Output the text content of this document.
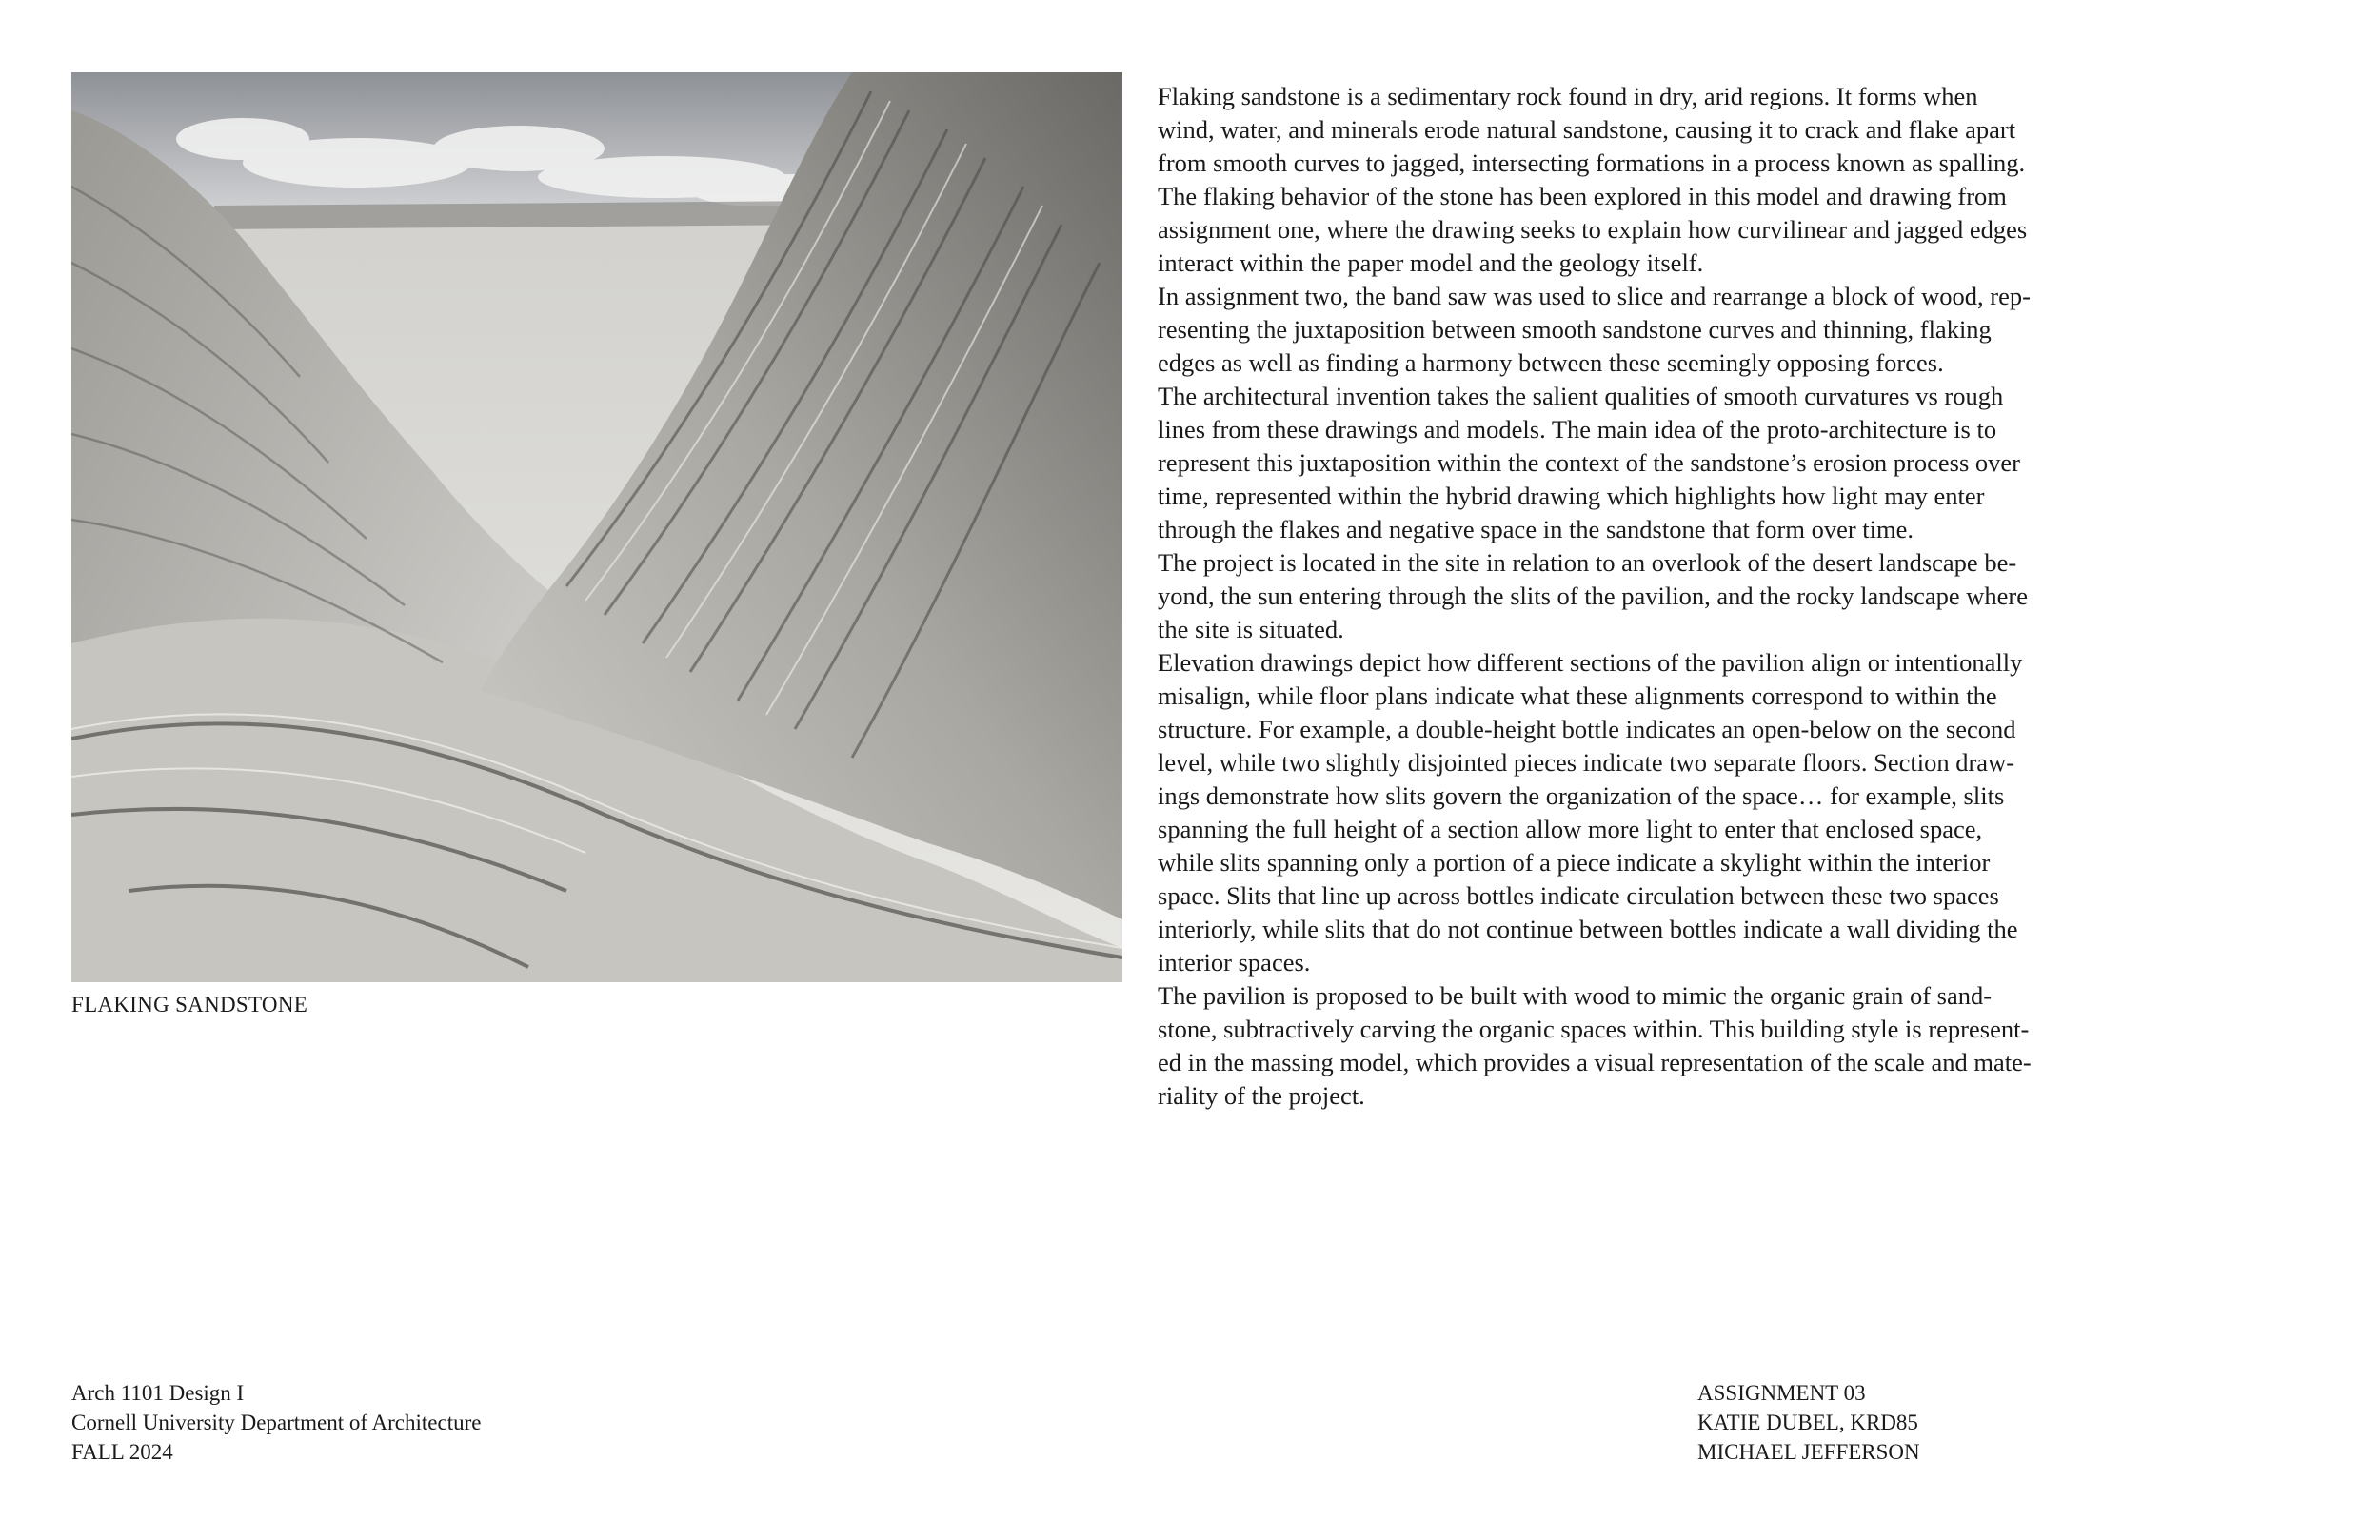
FLAKING SANDSTONE

Flaking sandstone is a sedimentary rock found in dry, arid regions. It forms when

wind, water, and minerals erode natural sandstone, causing it to crack and flake apart

from smooth curves to jagged, intersecting formations in a process known as spalling.

The flaking behavior of the stone has been explored in this model and drawing from

assignment one, where the drawing seeks to explain how curvilinear and jagged edges

interact within the paper model and the geology itself.

In assignment two, the band saw was used to slice and rearrange a block of wood, rep-

resenting the juxtaposition between smooth sandstone curves and thinning, flaking

edges as well as finding a harmony between these seemingly opposing forces.

The architectural invention takes the salient qualities of smooth curvatures vs rough

lines from these drawings and models. The main idea of the proto-architecture is to

represent this juxtaposition within the context of the sandstone’s erosion process over

time, represented within the hybrid drawing which highlights how light may enter

through the flakes and negative space in the sandstone that form over time.

The project is located in the site in relation to an overlook of the desert landscape be-

yond, the sun entering through the slits of the pavilion, and the rocky landscape where

the site is situated.

Elevation drawings depict how different sections of the pavilion align or intentionally

misalign, while floor plans indicate what these alignments correspond to within the

structure. For example, a double-height bottle indicates an open-below on the second

level, while two slightly disjointed pieces indicate two separate floors. Section draw-

ings demonstrate how slits govern the organization of the space… for example, slits

spanning the full height of a section allow more light to enter that enclosed space,

while slits spanning only a portion of a piece indicate a skylight within the interior

space. Slits that line up across bottles indicate circulation between these two spaces

interiorly, while slits that do not continue between bottles indicate a wall dividing the

interior spaces.

The pavilion is proposed to be built with wood to mimic the organic grain of sand-

stone, subtractively carving the organic spaces within. This building style is represent-

ed in the massing model, which provides a visual representation of the scale and mate-

riality of the project.

Arch 1101 Design I
Cornell University Department of Architecture
FALL 2024
ASSIGNMENT 03
KATIE DUBEL, KRD85
MICHAEL JEFFERSON
